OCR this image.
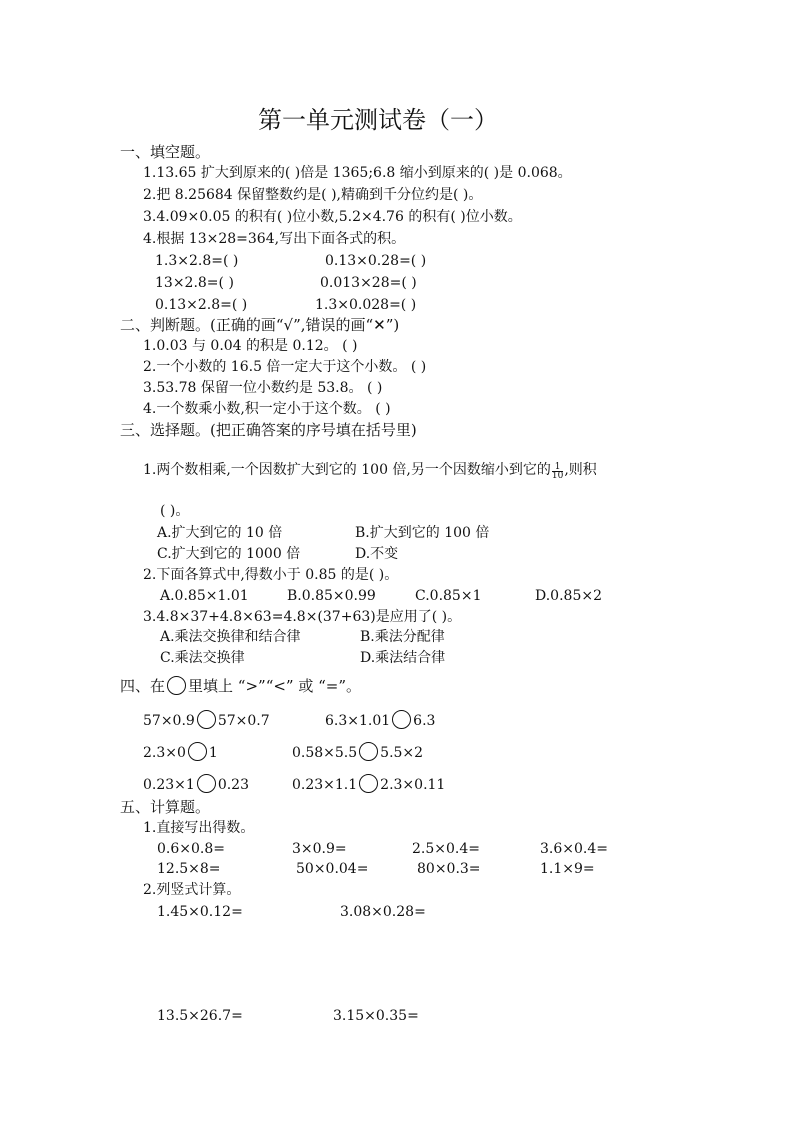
第一单元测试卷（一）
一、填空题。
1.13.65 扩大到原来的( )倍是 1365;6.8 缩小到原来的( )是 0.068。
2.把 8.25684 保留整数约是( ),精确到千分位约是( )。
3.4.09×0.05 的积有( )位小数,5.2×4.76 的积有( )位小数。
4.根据 13×28=364,写出下面各式的积。
1.3×2.8=( )	0.13×0.28=( )
13×2.8=( )	0.013×28=( )
0.13×2.8=( )	1.3×0.028=( )
二、判断题。(正确的画“√”,错误的画“✕”)
1.0.03 与 0.04 的积是 0.12。 ( )
2.一个小数的 16.5 倍一定大于这个小数。 ( )
3.53.78 保留一位小数约是 53.8。 ( )
4.一个数乘小数,积一定小于这个数。 ( )
三、选择题。(把正确答案的序号填在括号里)
1.两个数相乘,一个因数扩大到它的 100 倍,另一个因数缩小到它的 $\frac{1}{10}$ ,则积
( )。
A.扩大到它的 10 倍	B.扩大到它的 100 倍
C.扩大到它的 1000 倍	D.不变
2.下面各算式中,得数小于 0.85 的是( )。
A.0.85×1.01	B.0.85×0.99	C.0.85×1	D.0.85×2
3.4.8×37+4.8×63=4.8×(37+63)是应用了( )。
A.乘法交换律和结合律	B.乘法分配律
C.乘法交换律	D.乘法结合律
四、在 里填上 “>”“<” 或 “=”。
57×0.9 57×0.7	6.3×1.01 6.3
2.3×0 1	0.58×5.5 5.5×2
0.23×1 0.23	0.23×1.1 2.3×0.11
五、计算题。
1.直接写出得数。
0.6×0.8=	3×0.9=	2.5×0.4=	3.6×0.4=
12.5×8=	50×0.04=	80×0.3=	1.1×9=
2.列竖式计算。
1.45×0.12=	3.08×0.28=
13.5×26.7=	3.15×0.35=
